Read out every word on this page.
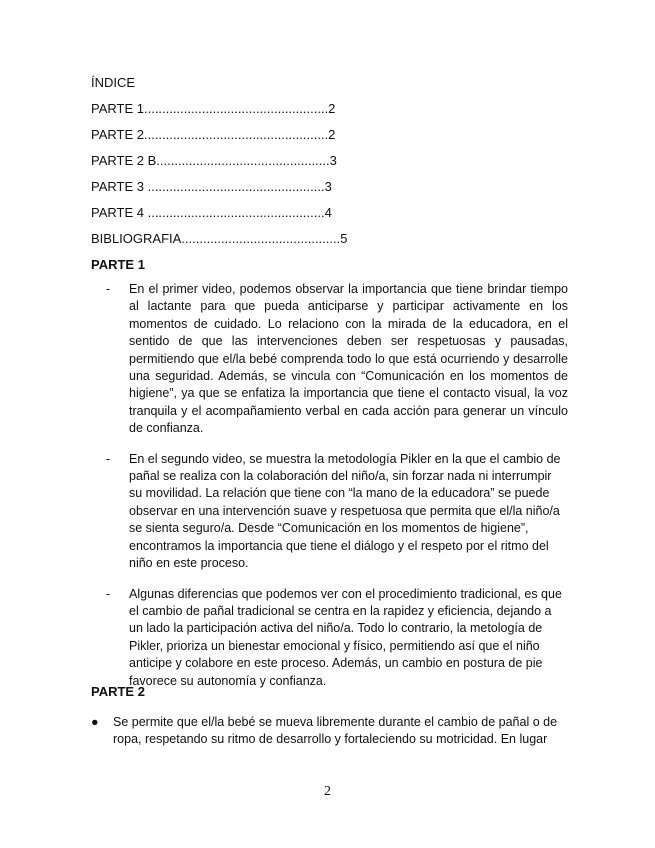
ÍNDICE

PARTE 1...................................................2
PARTE 2...................................................2
PARTE 2 B................................................3
PARTE 3 .................................................3
PARTE 4 .................................................4
BIBLIOGRAFIA............................................5

PARTE 1

- En el primer video, podemos observar la importancia que tiene brindar tiempo al lactante para que pueda anticiparse y participar activamente en los momentos de cuidado. Lo relaciono con la mirada de la educadora, en el sentido de que las intervenciones deben ser respetuosas y pausadas, permitiendo que el/la bebé comprenda todo lo que está ocurriendo y desarrolle una seguridad. Además, se vincula con “Comunicación en los momentos de higiene”, ya que se enfatiza la importancia que tiene el contacto visual, la voz tranquila y el acompañamiento verbal en cada acción para generar un vínculo de confianza.
- En el segundo video, se muestra la metodología Pikler en la que el cambio de pañal se realiza con la colaboración del niño/a, sin forzar nada ni interrumpir su movilidad. La relación que tiene con “la mano de la educadora” se puede observar en una intervención suave y respetuosa que permita que el/la niño/a se sienta seguro/a. Desde “Comunicación en los momentos de higiene”, encontramos la importancia que tiene el diálogo y el respeto por el ritmo del niño en este proceso.
- Algunas diferencias que podemos ver con el procedimiento tradicional, es que el cambio de pañal tradicional se centra en la rapidez y eficiencia, dejando a un lado la participación activa del niño/a. Todo lo contrario, la metología de Pikler, prioriza un bienestar emocional y físico, permitiendo así que el niño anticipe y colabore en este proceso. Además, un cambio en postura de pie favorece su autonomía y confianza.

PARTE 2

● Se permite que el/la bebé se mueva libremente durante el cambio de pañal o de ropa, respetando su ritmo de desarrollo y fortaleciendo su motricidad. En lugar
2
